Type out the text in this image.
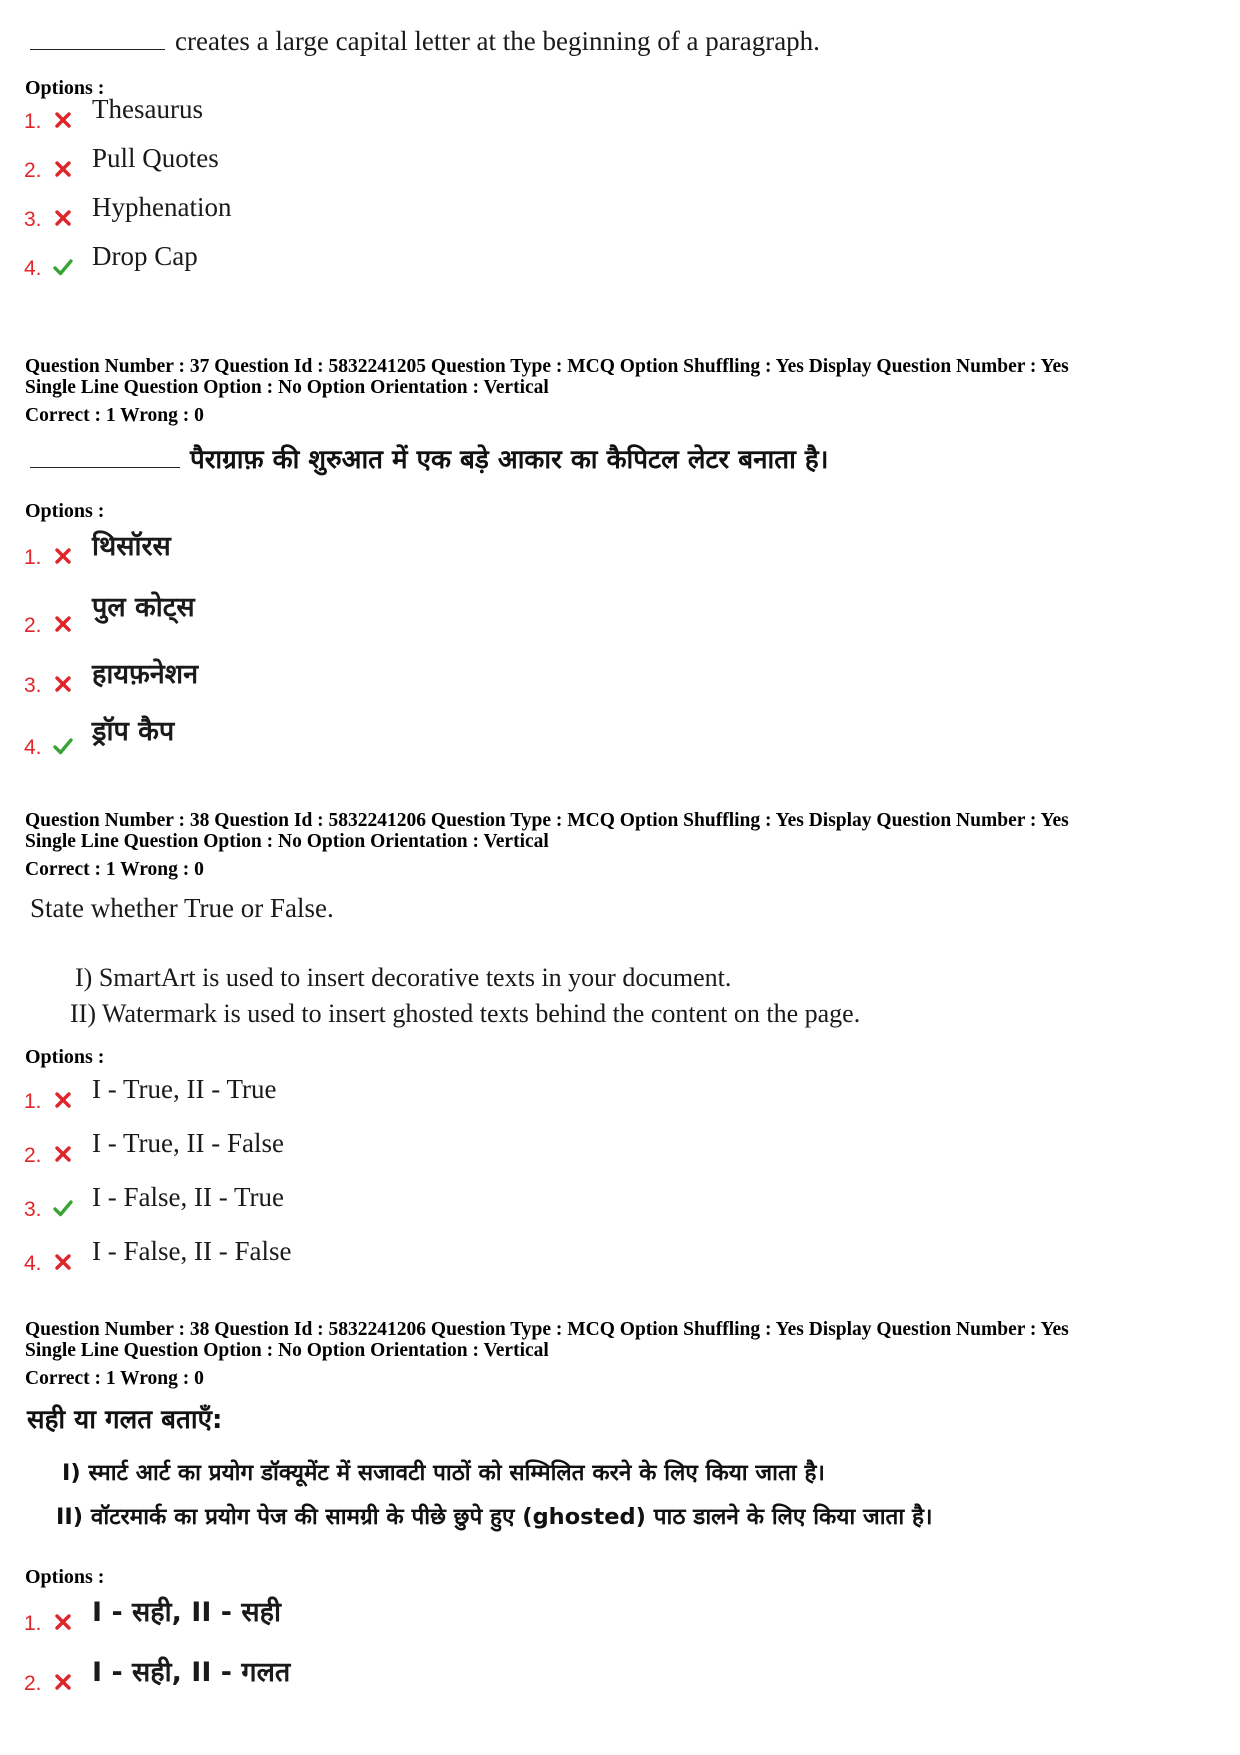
creates a large capital letter at the beginning of a paragraph.
Options :
1. Thesaurus
2. Pull Quotes
3. Hyphenation
4. Drop Cap
Question Number : 37 Question Id : 5832241205 Question Type : MCQ Option Shuffling : Yes Display Question Number : Yes
Single Line Question Option : No Option Orientation : Vertical
Correct : 1 Wrong : 0
पैराग्राफ़ की शुरुआत में एक बड़े आकार का कैपिटल लेटर बनाता है।
Options :
1. थिसॉरस
2.
पुल कोट्स
3. हायफ़नेशन
4.
ड्रॉप कैप
Question Number : 38 Question Id : 5832241206 Question Type : MCQ Option Shuffling : Yes Display Question Number : Yes
Single Line Question Option : No Option Orientation : Vertical
Correct : 1 Wrong : 0
State whether True or False.
I) SmartArt is used to insert decorative texts in your document.
II) Watermark is used to insert ghosted texts behind the content on the page.
Options :
1. I - True, II - True
2. I - True, II - False
3. I - False, II - True
4. I - False, II - False
Question Number : 38 Question Id : 5832241206 Question Type : MCQ Option Shuffling : Yes Display Question Number : Yes
Single Line Question Option : No Option Orientation : Vertical
Correct : 1 Wrong : 0
सही या गलत बताएँ:
I) स्मार्ट आर्ट का प्रयोग डॉक्यूमेंट में सजावटी पाठों को सम्मिलित करने के लिए किया जाता है।
II) वॉटरमार्क का प्रयोग पेज की सामग्री के पीछे छुपे हुए (ghosted) पाठ डालने के लिए किया जाता है।
Options :
1. I - सही, II - सही
2. I - सही, II - गलत
